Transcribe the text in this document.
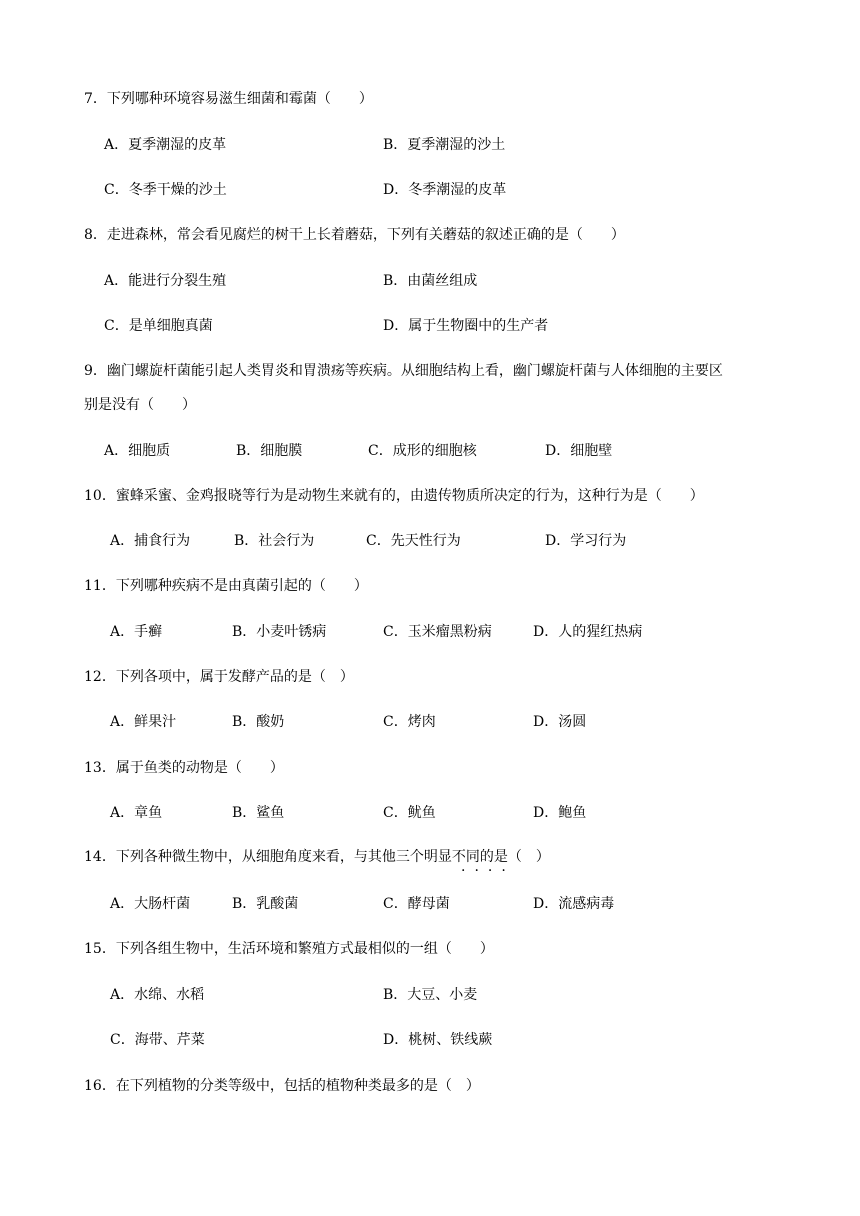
7．下列哪种环境容易滋生细菌和霉菌（　　）
A．夏季潮湿的皮革	B．夏季潮湿的沙土
C．冬季干燥的沙土	D．冬季潮湿的皮革
8．走进森林，常会看见腐烂的树干上长着蘑菇，下列有关蘑菇的叙述正确的是（　　）
A．能进行分裂生殖	B．由菌丝组成
C．是单细胞真菌	D．属于生物圈中的生产者
9．幽门螺旋杆菌能引起人类胃炎和胃溃疡等疾病。从细胞结构上看，幽门螺旋杆菌与人体细胞的主要区
别是没有（　　）
A．细胞质	B．细胞膜	C．成形的细胞核	D．细胞壁
10．蜜蜂采蜜、金鸡报晓等行为是动物生来就有的，由遗传物质所决定的行为，这种行为是（　　）
A．捕食行为	B．社会行为	C．先天性行为	D．学习行为
11．下列哪种疾病不是由真菌引起的（　　）
A．手癣	B．小麦叶锈病	C．玉米瘤黑粉病	D．人的猩红热病
12．下列各项中，属于发酵产品的是（　）
A．鲜果汁	B．酸奶	C．烤肉	D．汤圆
13．属于鱼类的动物是（　　）
A．章鱼	B．鲨鱼	C．鱿鱼	D．鲍鱼
14．下列各种微生物中，从细胞角度来看，与其他三个明显不同的是（　）
····
A．大肠杆菌	B．乳酸菌	C．酵母菌	D．流感病毒
15．下列各组生物中，生活环境和繁殖方式最相似的一组（　　）
A．水绵、水稻	B．大豆、小麦
C．海带、芹菜	D．桃树、铁线蕨
16．在下列植物的分类等级中，包括的植物种类最多的是（　）
